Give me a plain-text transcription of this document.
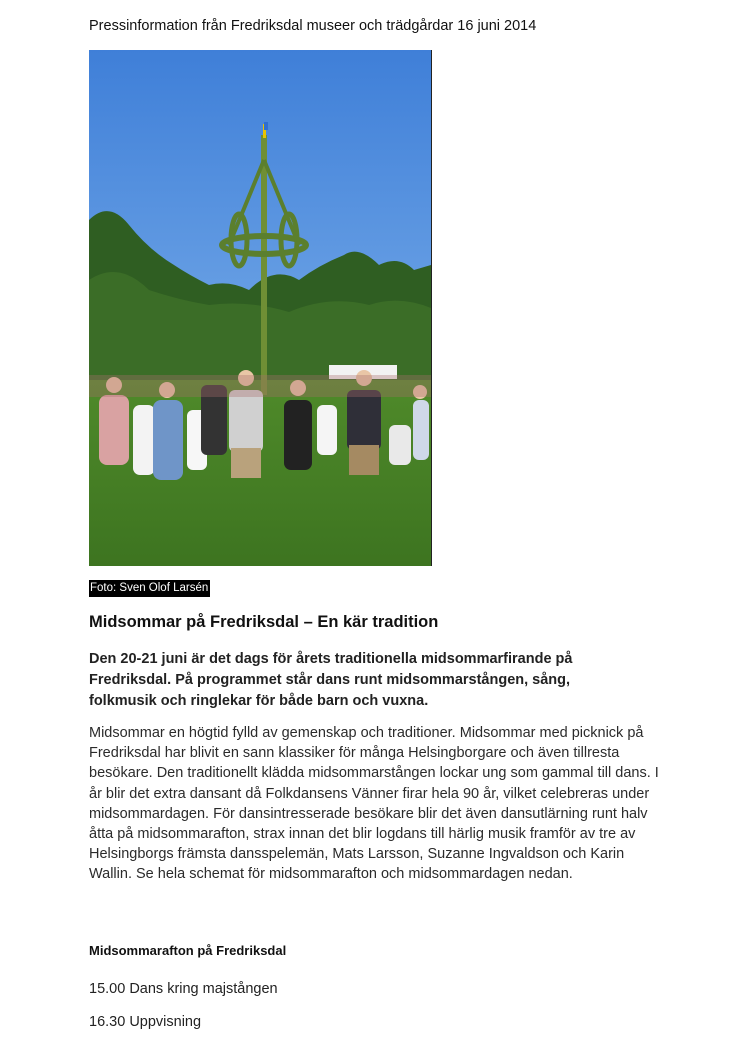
Pressinformation från Fredriksdal museer och trädgårdar 16 juni 2014
Foto: Sven Olof Larsén
Midsommar på Fredriksdal – En kär tradition

Den 20-21 juni är det dags för årets traditionella midsommarfirande på Fredriksdal. På programmet står dans runt midsommarstången, sång, folkmusik och ringlekar för både barn och vuxna.

Midsommar en högtid fylld av gemenskap och traditioner. Midsommar med picknick på Fredriksdal har blivit en sann klassiker för många Helsingborgare och även tillresta besökare. Den traditionellt klädda midsommarstången lockar ung som gammal till dans. I år blir det extra dansant då Folkdansens Vänner firar hela 90 år, vilket celebreras under midsommardagen. För dansintresserade besökare blir det även dansutlärning runt halv åtta på midsommarafton, strax innan det blir logdans till härlig musik framför av tre av Helsingborgs främsta dansspelemän, Mats Larsson, Suzanne Ingvaldson och Karin Wallin. Se hela schemat för midsommarafton och midsommardagen nedan.

Midsommarafton på Fredriksdal

15.00 Dans kring majstången

16.30 Uppvisning
